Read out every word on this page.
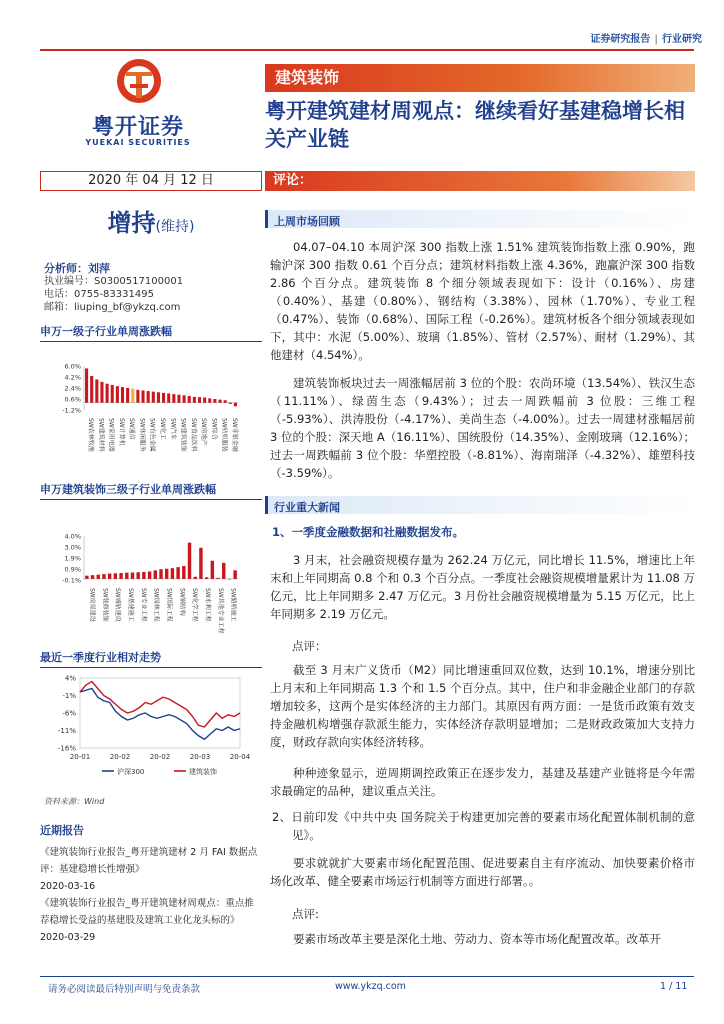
证券研究报告 | 行业研究
粤开证券
YUEKAI SECURITIES
建筑装饰
粤开建筑建材周观点：继续看好基建稳增长相关产业链
2020 年 04 月 12 日	评论：
增持(维持)
分析师：刘萍
执业编号：S0300517100001
电话：0755-83331495
邮箱：liuping_bf@ykzq.com
申万一级子行业单周涨跌幅
6.0%
4.2%
2.4%
0.6%
-1.2%
SW农林牧渔 SW建筑材料 SW家用电器 SW计算机 SW通信 SW休闲服务 SW有色金属 SW化工 SW汽车 SW建筑装饰 SW食品饮料 SW房地产 SW综合 SW纺织服装 SW非银金融
申万建筑装饰三级子行业单周涨跌幅
4.0%
3.0%
1.9%
0.9%
-0.1%
SW房屋建设 SW装修装饰 SW城轨建设 SW基建施工 SW专业工程 SW园林工程 SW国际工程 SW钢结构 SW化学工程 SW水利工程 SW其他专业工程 SW路桥施工
最近一季度行业相对走势
4%
-1%
-6%
-11%
-16%
20-01	20-02	20-02	20-03	20-04
沪深300	建筑装饰
资料来源：Wind
近期报告
《建筑装饰行业报告_粤开建筑建材 2 月 FAI 数据点评：基建稳增长性增强》
2020-03-16
《建筑装饰行业报告_粤开建筑建材周观点：重点推荐稳增长受益的基建股及建筑工业化龙头标的》2020-03-29
上周市场回顾
04.07–04.10 本周沪深 300 指数上涨 1.51% 建筑装饰指数上涨 0.90%，跑输沪深 300 指数 0.61 个百分点；建筑材料指数上涨 4.36%，跑赢沪深 300 指数 2.86 个百分点。建筑装饰 8 个细分领域表现如下：设计（0.16%）、房建（0.40%）、基建（0.80%）、钢结构（3.38%）、园林（1.70%）、专业工程（0.47%）、装饰（0.68%）、国际工程（-0.26%）。建筑材板各个细分领域表现如下，其中：水泥（5.00%）、玻璃（1.85%）、管材（2.57%）、耐材（1.29%）、其他建材（4.54%）。
建筑装饰板块过去一周涨幅居前 3 位的个股：农尚环境（13.54%）、铁汉生态（11.11%）、绿茵生态（9.43%）；过去一周跌幅前 3 位股：三维工程（-5.93%）、洪涛股份（-4.17%）、美尚生态（-4.00%）。过去一周建材涨幅居前 3 位的个股：深天地 A（16.11%）、国统股份（14.35%）、金刚玻璃（12.16%）；过去一周跌幅前 3 位个股：华塑控股（-8.81%）、海南瑞泽（-4.32%）、雄塑科技（-3.59%）。
行业重大新闻
1、一季度金融数据和社融数据发布。
3 月末，社会融资规模存量为 262.24 万亿元，同比增长 11.5%，增速比上年末和上年同期高 0.8 个和 0.3 个百分点。一季度社会融资规模增量累计为 11.08 万亿元，比上年同期多 2.47 万亿元。3 月份社会融资规模增量为 5.15 万亿元，比上年同期多 2.19 万亿元。
点评：
截至 3 月末广义货币（M2）同比增速重回双位数，达到 10.1%，增速分别比上月末和上年同期高 1.3 个和 1.5 个百分点。其中，住户和非金融企业部门的存款增加较多，这两个是实体经济的主力部门。其原因有两方面：一是货币政策有效支持金融机构增强存款派生能力，实体经济存款明显增加；二是财政政策加大支持力度，财政存款向实体经济转移。
种种迹象显示，逆周期调控政策正在逐步发力，基建及基建产业链将是今年需求最确定的品种，建议重点关注。
2、日前印发《中共中央 国务院关于构建更加完善的要素市场化配置体制机制的意见》。
要求就就扩大要素市场化配置范围、促进要素自主有序流动、加快要素价格市场化改革、健全要素市场运行机制等方面进行部署。。
点评:
要素市场改革主要是深化土地、劳动力、资本等市场化配置改革。改革开
请务必阅读最后特别声明与免责条款	www.ykzq.com	1 / 11
